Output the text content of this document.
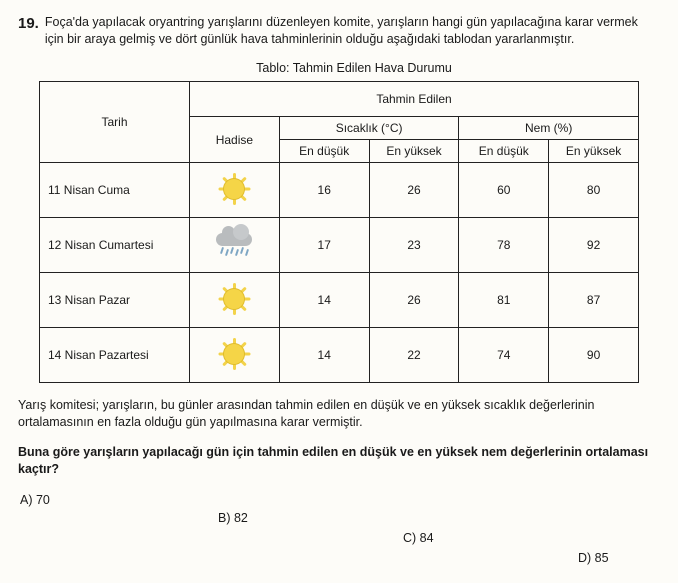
19. Foça'da yapılacak oryantring yarışlarını düzenleyen komite, yarışların hangi gün yapılacağına karar vermek için bir araya gelmiş ve dört günlük hava tahminlerinin olduğu aşağıdaki tablodan yararlanmıştır.
Tablo: Tahmin Edilen Hava Durumu
Tarih	Tahmin Edilen				
	Hadise	Sıcaklık (°C)		Nem (%)	
		En düşük	En yüksek	En düşük	En yüksek
11 Nisan Cuma		16	26	60	80
12 Nisan Cumartesi		17	23	78	92
13 Nisan Pazar		14	26	81	87
14 Nisan Pazartesi		14	22	74	90
Yarış komitesi; yarışların, bu günler arasından tahmin edilen en düşük ve en yüksek sıcaklık değerlerinin ortalamasının en fazla olduğu gün yapılmasına karar vermiştir.
Buna göre yarışların yapılacağı gün için tahmin edilen en düşük ve en yüksek nem değerlerinin ortalaması kaçtır?
A) 70
B) 82
C) 84
D) 85
